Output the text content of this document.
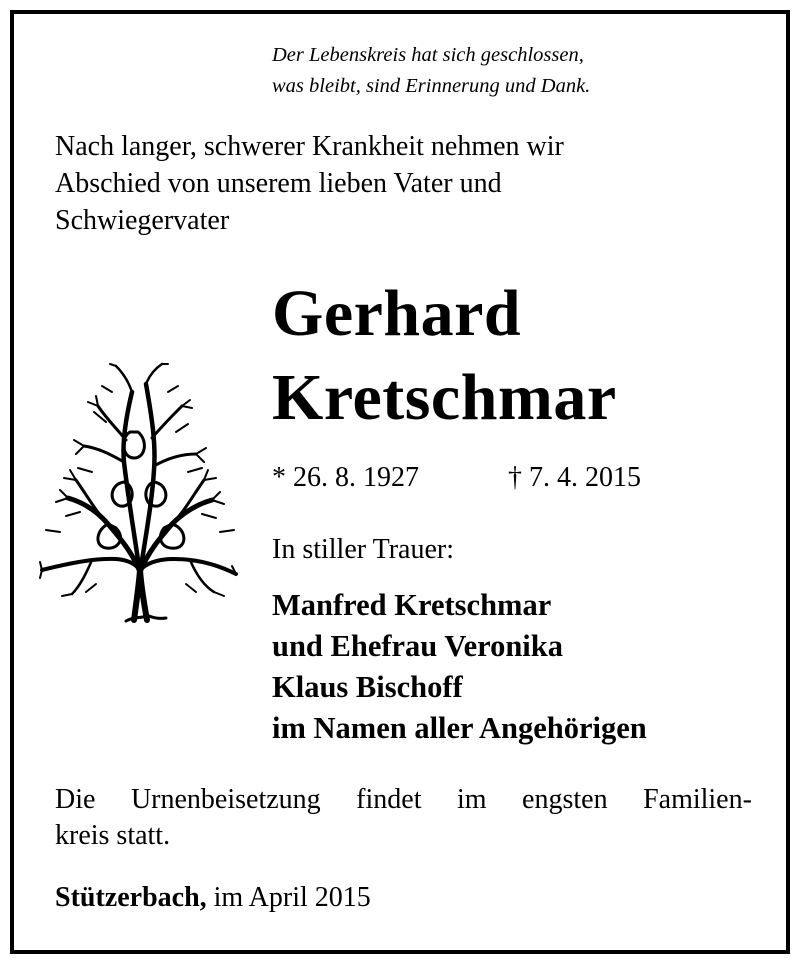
Der Lebenskreis hat sich geschlossen,
was bleibt, sind Erinnerung und Dank.
Nach langer, schwerer Krankheit nehmen wir
Abschied von unserem lieben Vater und
Schwiegervater
Gerhard
Kretschmar
* 26. 8. 1927	† 7. 4. 2015
In stiller Trauer:
Manfred Kretschmar
und Ehefrau Veronika
Klaus Bischoff
im Namen aller Angehörigen
Die Urnenbeisetzung findet im engsten Familien-
kreis statt.
Stützerbach, im April 2015
